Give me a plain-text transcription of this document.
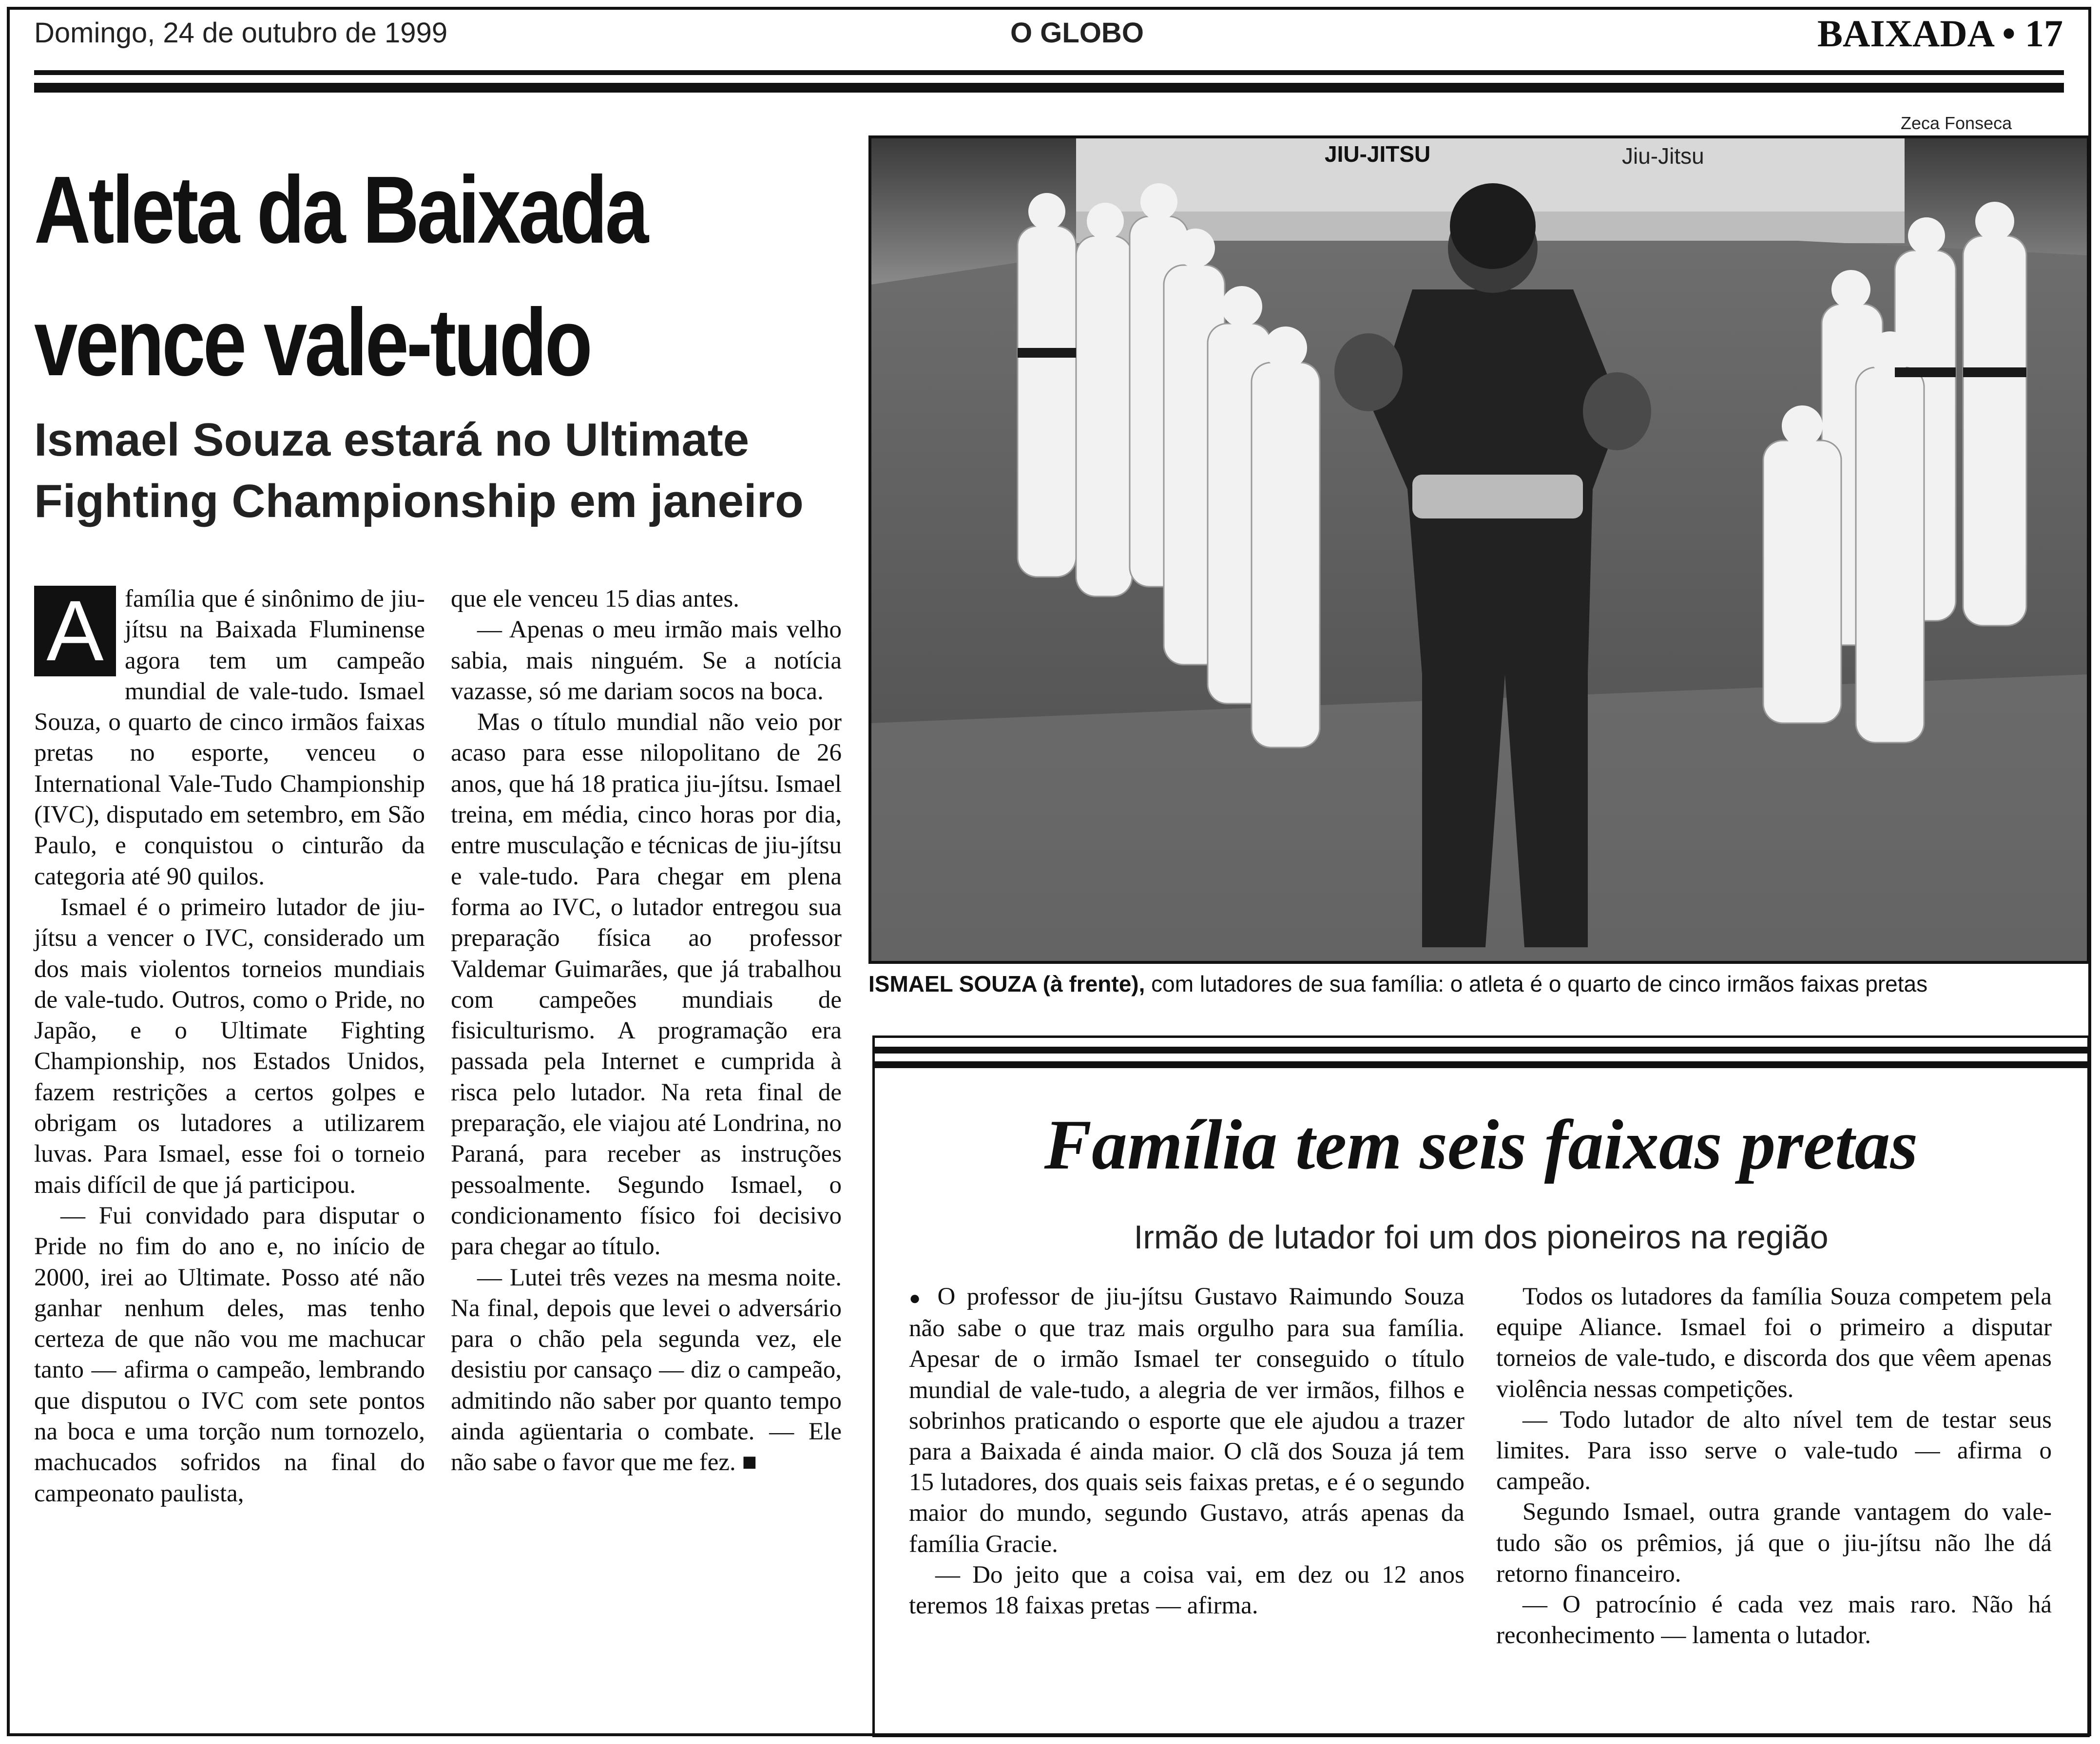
Domingo, 24 de outubro de 1999	O GLOBO	BAIXADA • 17
Atleta da Baixada
vence vale-tudo
Ismael Souza estará no Ultimate
Fighting Championship em janeiro
A família que é sinônimo de jiu-jítsu na Baixada Fluminense agora tem um campeão mundial de vale-tudo. Ismael Souza, o quarto de cinco irmãos faixas pretas no esporte, venceu o International Vale-Tudo Championship (IVC), disputado em setembro, em São Paulo, e conquistou o cinturão da categoria até 90 quilos.

Ismael é o primeiro lutador de jiu-jítsu a vencer o IVC, considerado um dos mais violentos torneios mundiais de vale-tudo. Outros, como o Pride, no Japão, e o Ultimate Fighting Championship, nos Estados Unidos, fazem restrições a certos golpes e obrigam os lutadores a utilizarem luvas. Para Ismael, esse foi o torneio mais difícil de que já participou.

— Fui convidado para disputar o Pride no fim do ano e, no início de 2000, irei ao Ultimate. Posso até não ganhar nenhum deles, mas tenho certeza de que não vou me machucar tanto — afirma o campeão, lembrando que disputou o IVC com sete pontos na boca e uma torção num tornozelo, machucados sofridos na final do campeonato paulista,

que ele venceu 15 dias antes.

— Apenas o meu irmão mais velho sabia, mais ninguém. Se a notícia vazasse, só me dariam socos na boca.

Mas o título mundial não veio por acaso para esse nilopolitano de 26 anos, que há 18 pratica jiu-jítsu. Ismael treina, em média, cinco horas por dia, entre musculação e técnicas de jiu-jítsu e vale-tudo. Para chegar em plena forma ao IVC, o lutador entregou sua preparação física ao professor Valdemar Guimarães, que já trabalhou com campeões mundiais de fisiculturismo. A programação era passada pela Internet e cumprida à risca pelo lutador. Na reta final de preparação, ele viajou até Londrina, no Paraná, para receber as instruções pessoalmente. Segundo Ismael, o condicionamento físico foi decisivo para chegar ao título.

— Lutei três vezes na mesma noite. Na final, depois que levei o adversário para o chão pela segunda vez, ele desistiu por cansaço — diz o campeão, admitindo não saber por quanto tempo ainda agüentaria o combate. — Ele não sabe o favor que me fez. ■

Zeca Fonseca
JIU-JITSU	Jiu-Jitsu
ISMAEL SOUZA (à frente), com lutadores de sua família: o atleta é o quarto de cinco irmãos faixas pretas
Família tem seis faixas pretas
Irmão de lutador foi um dos pioneiros na região

● O professor de jiu-jítsu Gustavo Raimundo Souza não sabe o que traz mais orgulho para sua família. Apesar de o irmão Ismael ter conseguido o título mundial de vale-tudo, a alegria de ver irmãos, filhos e sobrinhos praticando o esporte que ele ajudou a trazer para a Baixada é ainda maior. O clã dos Souza já tem 15 lutadores, dos quais seis faixas pretas, e é o segundo maior do mundo, segundo Gustavo, atrás apenas da família Gracie.

— Do jeito que a coisa vai, em dez ou 12 anos teremos 18 faixas pretas — afirma.

Todos os lutadores da família Souza competem pela equipe Aliance. Ismael foi o primeiro a disputar torneios de vale-tudo, e discorda dos que vêem apenas violência nessas competições.

— Todo lutador de alto nível tem de testar seus limites. Para isso serve o vale-tudo — afirma o campeão.

Segundo Ismael, outra grande vantagem do vale-tudo são os prêmios, já que o jiu-jítsu não lhe dá retorno financeiro.

— O patrocínio é cada vez mais raro. Não há reconhecimento — lamenta o lutador.
